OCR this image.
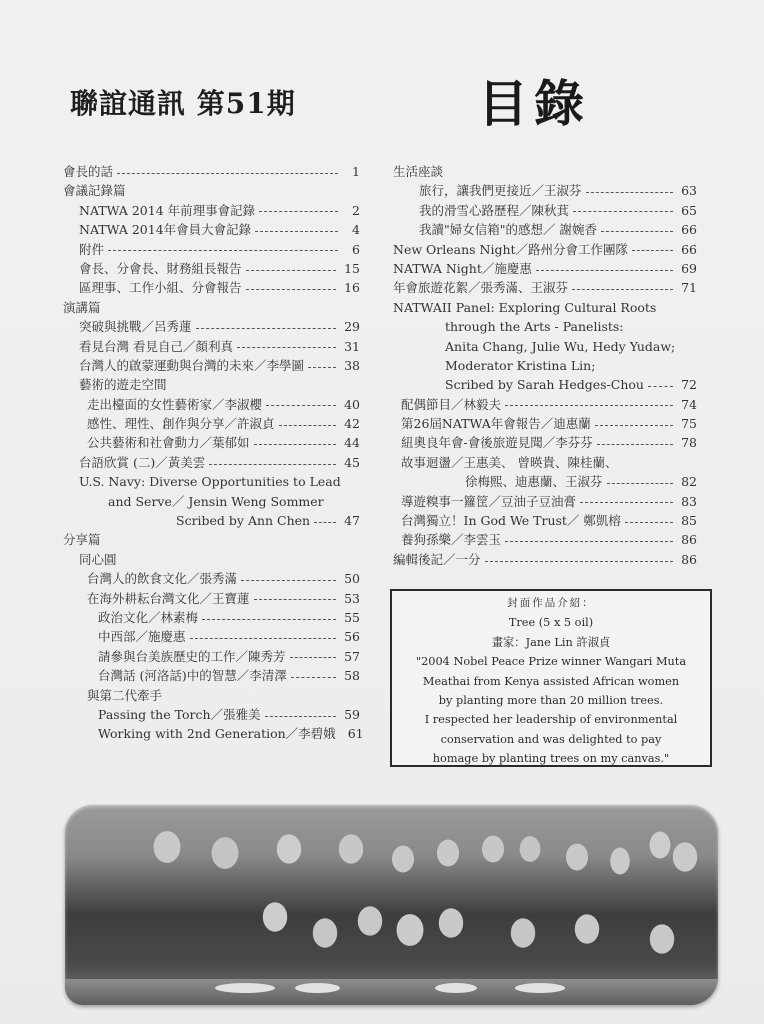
聯誼通訊 第51期	目錄
會長的話	1
會議記錄篇
NATWA 2014 年前理事會記錄	2
NATWA 2014年會員大會記錄	4
附件	6
會長、分會長、財務組長報告	15
區理事、工作小組、分會報告	16
演講篇
突破與挑戰／呂秀蓮	29
看見台灣 看見自己／顏利真	31
台灣人的啟蒙運動與台灣的未來／李學圖	38
藝術的遊走空間
走出檯面的女性藝術家／李淑櫻	40
感性、理性、創作與分享／許淑貞	42
公共藝術和社會動力／葉郁如	44
台語欣賞 (二)／黃美雲	45
U.S. Navy: Diverse Opportunities to Lead
and Serve／ Jensin Weng Sommer
Scribed by Ann Chen	47
分享篇
同心圓
台灣人的飲食文化／張秀滿	50
在海外耕耘台灣文化／王寶蓮	53
政治文化／林素梅	55
中西部／施慶惠	56
請參與台美族歷史的工作／陳秀芳	57
台灣話 (河洛話)中的智慧／李清澤	58
與第二代牽手
Passing the Torch／張雅美	59
Working with 2nd Generation／李碧娥 61
生活座談
旅行，讓我們更接近／王淑芬	63
我的滑雪心路歷程／陳秋萁	65
我讀"婦女信箱"的感想／ 謝婉香	66
New Orleans Night／路州分會工作團隊	66
NATWA Night／施慶惠	69
年會旅遊花絮／張秀滿、王淑芬	71
NATWAII Panel: Exploring Cultural Roots
through the Arts - Panelists:
Anita Chang, Julie Wu, Hedy Yudaw;
Moderator Kristina Lin;
Scribed by Sarah Hedges-Chou	72
配偶節目／林毅夫	74
第26屆NATWA年會報告／迪惠蘭	75
紐奧良年會-會後旅遊見聞／李芬芬	78
故事迴盪／王惠美、 曾暎貴、陳桂蘭、
徐梅熙、迪惠蘭、王淑芬	82
導遊糗事一籮筐／豆油子豆油膏	83
台灣獨立！In God We Trust／ 鄭凱榕	85
養狗孫樂／李雲玉	86
編輯後記／一分	86
封面作品介紹：
Tree (5 x 5 oil)
畫家：Jane Lin 許淑貞
"2004 Nobel Peace Prize winner Wangari Muta
Meathai from Kenya assisted African women
by planting more than 20 million trees.
I respected her leadership of environmental
conservation and was delighted to pay
homage by planting trees on my canvas."
